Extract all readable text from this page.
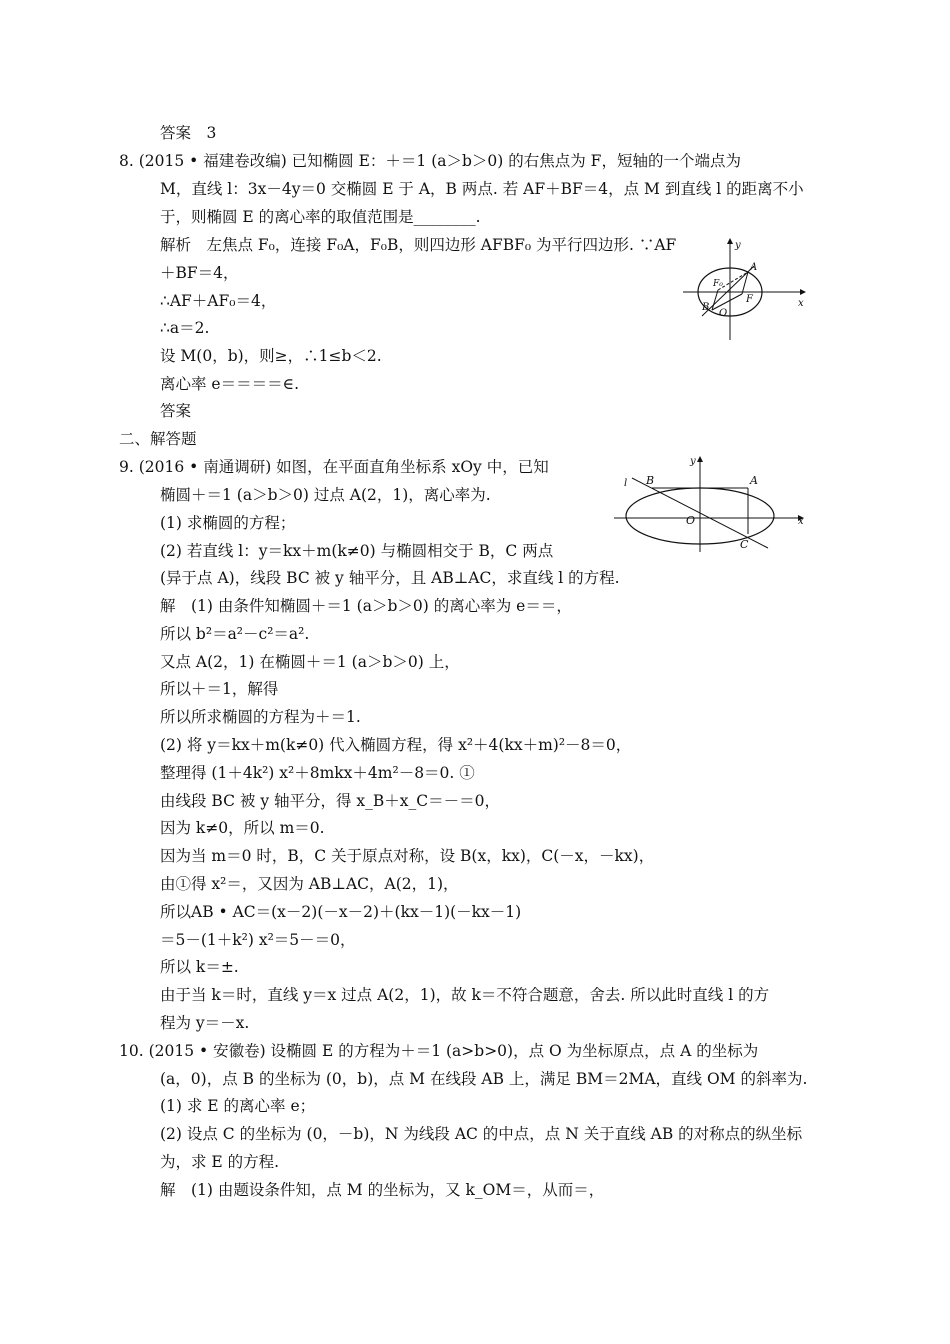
答案　3
8. (2015 • 福建卷改编) 已知椭圆 E：＋＝1 (a＞b＞0) 的右焦点为 F，短轴的一个端点为
M，直线 l：3x－4y＝0 交椭圆 E 于 A，B 两点. 若 AF＋BF＝4，点 M 到直线 l 的距离不小
于，则椭圆 E 的离心率的取值范围是________.
解析　左焦点 F₀，连接 F₀A，F₀B，则四边形 AFBF₀ 为平行四边形. ∵AF
＋BF＝4，
∴AF＋AF₀＝4，
∴a＝2.
设 M(0，b)，则≥，∴1≤b＜2.
离心率 e＝＝＝＝∈.
答案
二、解答题
9. (2016 • 南通调研) 如图，在平面直角坐标系 xOy 中，已知
椭圆＋＝1 (a＞b＞0) 过点 A(2，1)，离心率为.
(1) 求椭圆的方程；
(2) 若直线 l：y＝kx＋m(k≠0) 与椭圆相交于 B，C 两点
(异于点 A)，线段 BC 被 y 轴平分，且 AB⊥AC，求直线 l 的方程.
解　(1) 由条件知椭圆＋＝1 (a＞b＞0) 的离心率为 e＝＝，
所以 b²＝a²－c²＝a².
又点 A(2，1) 在椭圆＋＝1 (a＞b＞0) 上，
所以＋＝1，解得
所以所求椭圆的方程为＋＝1.
(2) 将 y＝kx＋m(k≠0) 代入椭圆方程，得 x²＋4(kx＋m)²－8＝0，
整理得 (1＋4k²) x²＋8mkx＋4m²－8＝0. ①
由线段 BC 被 y 轴平分，得 x_B＋x_C＝－＝0，
因为 k≠0，所以 m＝0.
因为当 m＝0 时，B，C 关于原点对称，设 B(x，kx)，C(－x，－kx)，
由①得 x²＝，又因为 AB⊥AC，A(2，1)，
所以AB • AC＝(x－2)(－x－2)＋(kx－1)(－kx－1)
＝5－(1＋k²) x²＝5－＝0，
所以 k＝±.
由于当 k＝时，直线 y＝x 过点 A(2，1)，故 k＝不符合题意，舍去. 所以此时直线 l 的方
程为 y＝－x.
10. (2015 • 安徽卷) 设椭圆 E 的方程为＋＝1 (a>b>0)，点 O 为坐标原点，点 A 的坐标为
(a，0)，点 B 的坐标为 (0，b)，点 M 在线段 AB 上，满足 BM＝2MA，直线 OM 的斜率为.
(1) 求 E 的离心率 e；
(2) 设点 C 的坐标为 (0，－b)，N 为线段 AC 的中点，点 N 关于直线 AB 的对称点的纵坐标
为，求 E 的方程.
解　(1) 由题设条件知，点 M 的坐标为，又 k_OM＝，从而＝，
y
x
A
F₀
F
B
O
l B
y
A
O	x
C
